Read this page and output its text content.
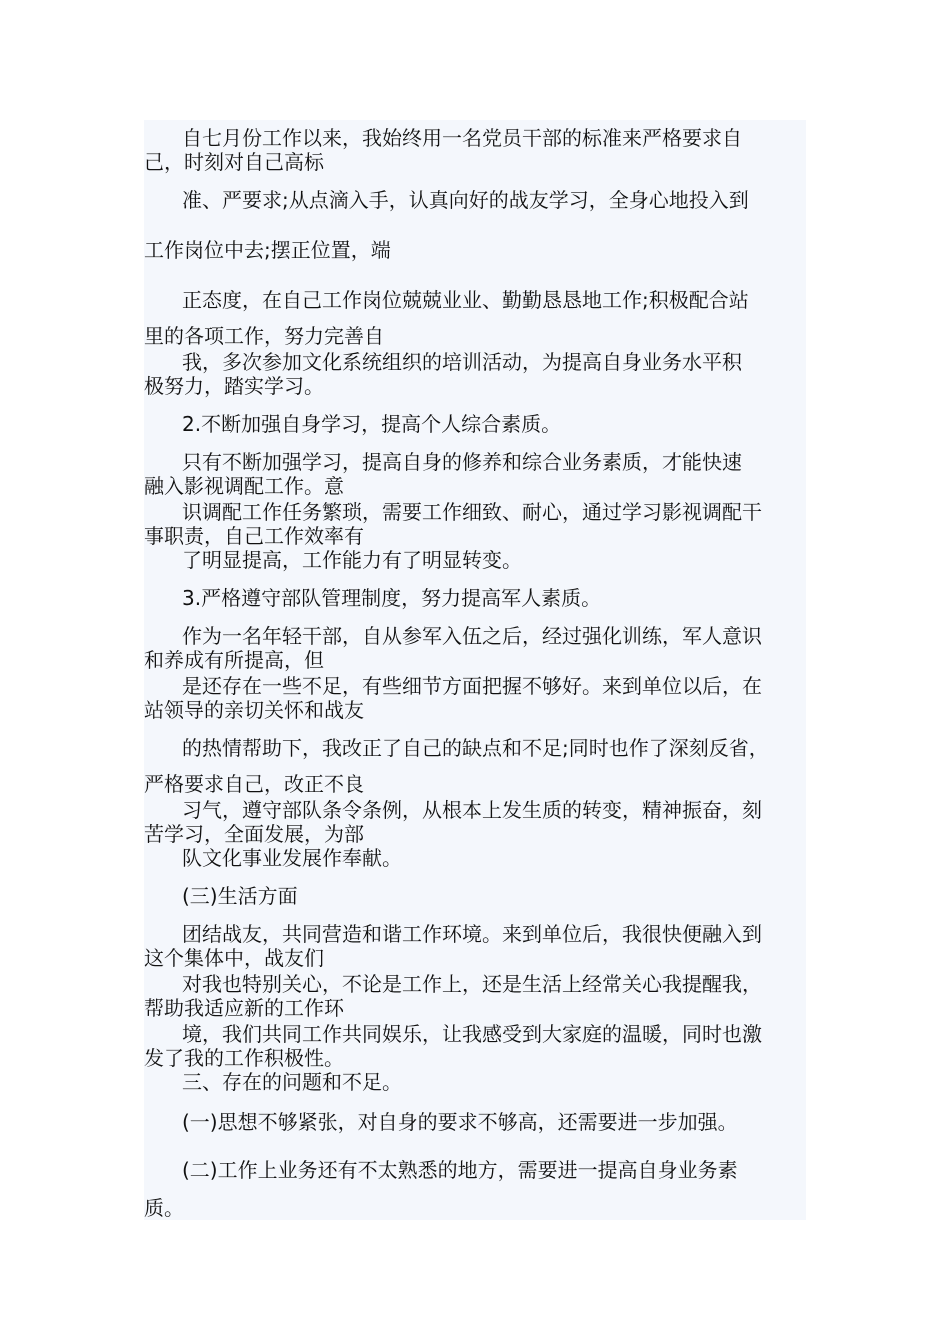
自七月份工作以来，我始终用一名党员干部的标准来严格要求自
己，时刻对自己高标
准、严要求;从点滴入手，认真向好的战友学习，全身心地投入到
工作岗位中去;摆正位置，端
正态度，在自己工作岗位兢兢业业、勤勤恳恳地工作;积极配合站
里的各项工作，努力完善自
我，多次参加文化系统组织的培训活动，为提高自身业务水平积
极努力，踏实学习。
2.不断加强自身学习，提高个人综合素质。
只有不断加强学习，提高自身的修养和综合业务素质，才能快速
融入影视调配工作。意
识调配工作任务繁琐，需要工作细致、耐心，通过学习影视调配干
事职责，自己工作效率有
了明显提高，工作能力有了明显转变。
3.严格遵守部队管理制度，努力提高军人素质。
作为一名年轻干部，自从参军入伍之后，经过强化训练，军人意识
和养成有所提高，但
是还存在一些不足，有些细节方面把握不够好。来到单位以后，在
站领导的亲切关怀和战友
的热情帮助下，我改正了自己的缺点和不足;同时也作了深刻反省，
严格要求自己，改正不良
习气，遵守部队条令条例，从根本上发生质的转变，精神振奋，刻
苦学习，全面发展，为部
队文化事业发展作奉献。
(三)生活方面
团结战友，共同营造和谐工作环境。来到单位后，我很快便融入到
这个集体中，战友们
对我也特别关心，不论是工作上，还是生活上经常关心我提醒我，
帮助我适应新的工作环
境，我们共同工作共同娱乐，让我感受到大家庭的温暖，同时也激
发了我的工作积极性。
三、存在的问题和不足。
(一)思想不够紧张，对自身的要求不够高，还需要进一步加强。
(二)工作上业务还有不太熟悉的地方，需要进一提高自身业务素
质。
